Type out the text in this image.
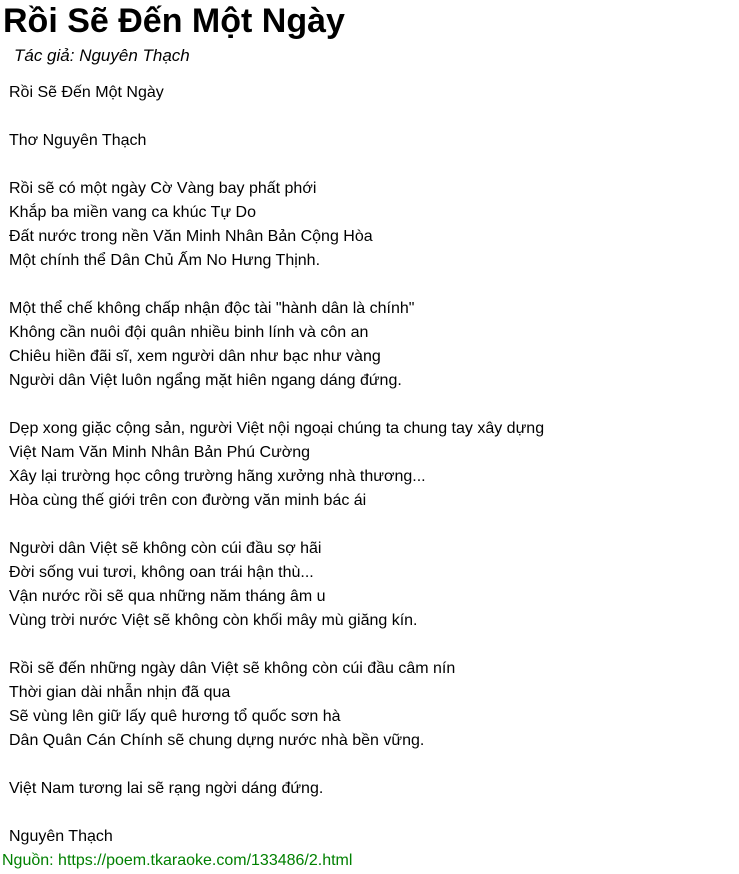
Rồi Sẽ Đến Một Ngày
Tác giả: Nguyên Thạch
Rồi Sẽ Đến Một Ngày
Thơ Nguyên Thạch
Rồi sẽ có một ngày Cờ Vàng bay phất phới
Khắp ba miền vang ca khúc Tự Do
Đất nước trong nền Văn Minh Nhân Bản Cộng Hòa
Một chính thể Dân Chủ Ấm No Hưng Thịnh.
Một thể chế không chấp nhận độc tài "hành dân là chính"
Không cần nuôi đội quân nhiều binh lính và côn an
Chiêu hiền đãi sĩ, xem người dân như bạc như vàng
Người dân Việt luôn ngẩng mặt hiên ngang dáng đứng.
Dẹp xong giặc cộng sản, người Việt nội ngoại chúng ta chung tay xây dựng
Việt Nam Văn Minh Nhân Bản Phú Cường
Xây lại trường học công trường hãng xưởng nhà thương...
Hòa cùng thế giới trên con đường văn minh bác ái
Người dân Việt sẽ không còn cúi đầu sợ hãi
Đời sống vui tươi, không oan trái hận thù...
Vận nước rồi sẽ qua những năm tháng âm u
Vùng trời nước Việt sẽ không còn khối mây mù giăng kín.
Rồi sẽ đến những ngày dân Việt sẽ không còn cúi đầu câm nín
Thời gian dài nhẫn nhịn đã qua
Sẽ vùng lên giữ lấy quê hương tổ quốc sơn hà
Dân Quân Cán Chính sẽ chung dựng nước nhà bền vững.
Việt Nam tương lai sẽ rạng ngời dáng đứng.
Nguyên Thạch
Nguồn: https://poem.tkaraoke.com/133486/2.html
